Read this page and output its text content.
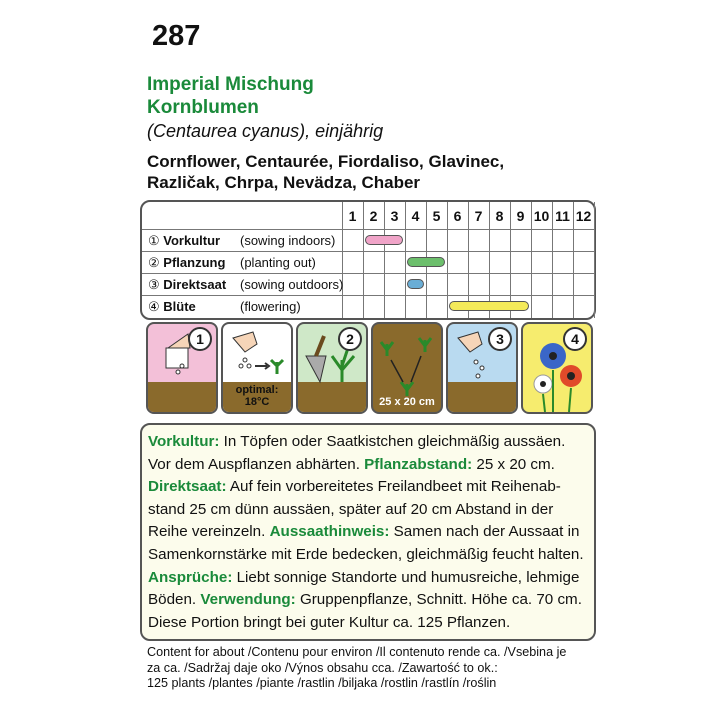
287
Imperial Mischung
Kornblumen
(Centaurea cyanus), einjährig
Cornflower, Centaurée, Fiordaliso, Glavinec,
Različak, Chrpa, Nevädza, Chaber
1 2 3 4 5 6 7 8 9 10 11 12
① Vorkultur (sowing indoors)
② Pflanzung (planting out)
③ Direktsaat (sowing outdoors)
④ Blüte	(flowering)
1
optimal: 18°C
2
25 x 20 cm
3	4
Vorkultur: In Töpfen oder Saatkistchen gleichmäßig aussäen. Vor dem Auspflanzen abhärten. Pflanzabstand: 25 x 20 cm. Direktsaat: Auf fein vorbereitetes Freilandbeet mit Reihenab-stand 25 cm dünn aussäen, später auf 20 cm Abstand in der Reihe vereinzeln. Aussaathinweis: Samen nach der Aussaat in Samenkornstärke mit Erde bedecken, gleichmäßig feucht halten. Ansprüche: Liebt sonnige Standorte und humusreiche, lehmige Böden. Verwendung: Gruppenpflanze, Schnitt. Höhe ca. 70 cm. Diese Portion bringt bei guter Kultur ca. 125 Pflanzen.
Content for about /Contenu pour environ /Il contenuto rende ca. /Vsebina je
za ca. /Sadržaj daje oko /Výnos obsahu cca. /Zawartość to ok.:
125 plants /plantes /piante /rastlin /biljaka /rostlin /rastlín /roślin
